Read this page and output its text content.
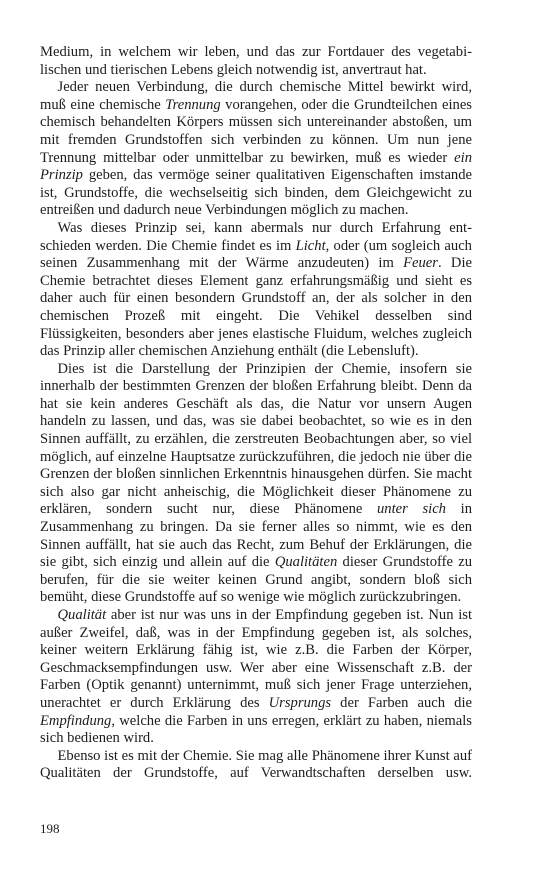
Medium, in welchem wir leben, und das zur Fortdauer des vegetabilischen und tierischen Lebens gleich notwendig ist, anvertraut hat.

Jeder neuen Verbindung, die durch chemische Mittel bewirkt wird, muß eine chemische Trennung vorangehen, oder die Grundteilchen eines chemisch behandelten Körpers müssen sich untereinander abstoßen, um mit fremden Grundstoffen sich verbinden zu können. Um nun jene Trennung mittelbar oder unmittelbar zu bewirken, muß es wieder ein Prinzip geben, das vermöge seiner qualitativen Eigenschaften imstande ist, Grundstoffe, die wechselseitig sich binden, dem Gleichgewicht zu entreißen und dadurch neue Verbindungen möglich zu machen.

Was dieses Prinzip sei, kann abermals nur durch Erfahrung entschieden werden. Die Chemie findet es im Licht, oder (um sogleich auch seinen Zusammenhang mit der Wärme anzudeuten) im Feuer. Die Chemie betrachtet dieses Element ganz erfahrungsmäßig und sieht es daher auch für einen besondern Grundstoff an, der als solcher in den chemischen Prozeß mit eingeht. Die Vehikel desselben sind Flüssigkeiten, besonders aber jenes elastische Fluidum, welches zugleich das Prinzip aller chemischen Anziehung enthält (die Lebensluft).

Dies ist die Darstellung der Prinzipien der Chemie, insofern sie innerhalb der bestimmten Grenzen der bloßen Erfahrung bleibt. Denn da hat sie kein anderes Geschäft als das, die Natur vor unsern Augen handeln zu lassen, und das, was sie dabei beobachtet, so wie es in den Sinnen auffällt, zu erzählen, die zerstreuten Beobachtungen aber, so viel möglich, auf einzelne Hauptsatze zurückzuführen, die jedoch nie über die Grenzen der bloßen sinnlichen Erkenntnis hinausgehen dürfen. Sie macht sich also gar nicht anheischig, die Möglichkeit dieser Phänomene zu erklären, sondern sucht nur, diese Phänomene unter sich in Zusammenhang zu bringen. Da sie ferner alles so nimmt, wie es den Sinnen auffällt, hat sie auch das Recht, zum Behuf der Erklärungen, die sie gibt, sich einzig und allein auf die Qualitäten dieser Grundstoffe zu berufen, für die sie weiter keinen Grund angibt, sondern bloß sich bemüht, diese Grundstoffe auf so wenige wie möglich zurückzubringen.

Qualität aber ist nur was uns in der Empfindung gegeben ist. Nun ist außer Zweifel, daß, was in der Empfindung gegeben ist, als solches, keiner weitern Erklärung fähig ist, wie z.B. die Farben der Körper, Geschmacksempfindungen usw. Wer aber eine Wissenschaft z.B. der Farben (Optik genannt) unternimmt, muß sich jener Frage unterziehen, unerachtet er durch Erklärung des Ursprungs der Farben auch die Empfindung, welche die Farben in uns erregen, erklärt zu haben, niemals sich bedienen wird.

Ebenso ist es mit der Chemie. Sie mag alle Phänomene ihrer Kunst auf Qualitäten der Grundstoffe, auf Verwandtschaften derselben usw.

198
